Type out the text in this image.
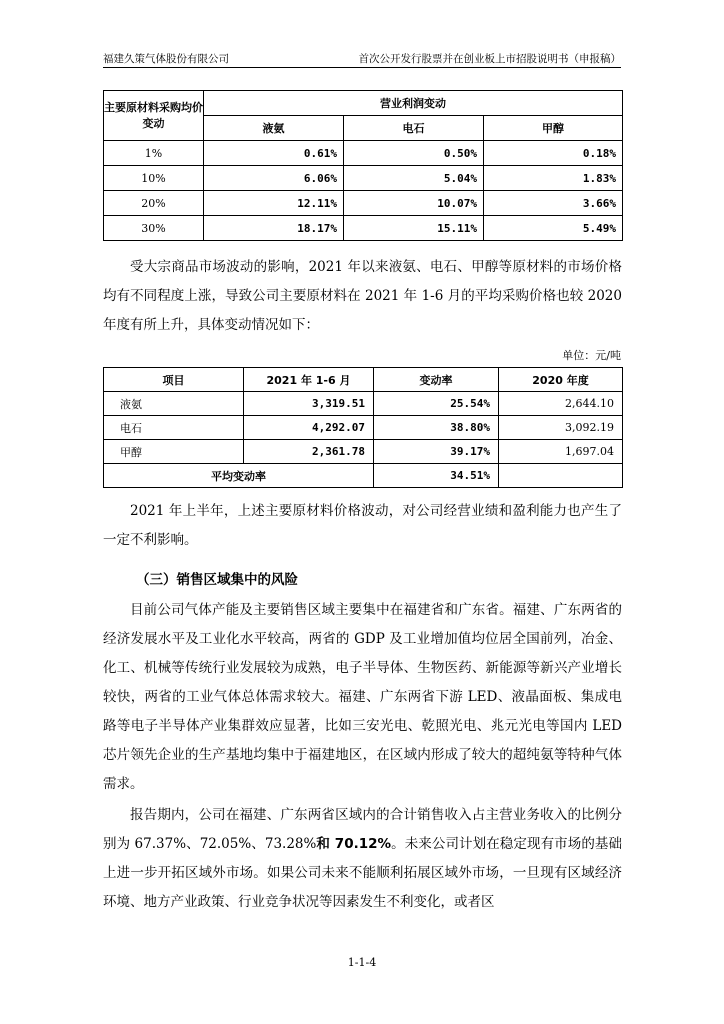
福建久策气体股份有限公司	首次公开发行股票并在创业板上市招股说明书（申报稿）
主要原材料采购均价变动	营业利润变动		
	液氨	电石	甲醇
1%	0.61%	0.50%	0.18%
10%	6.06%	5.04%	1.83%
20%	12.11%	10.07%	3.66%
30%	18.17%	15.11%	5.49%

受大宗商品市场波动的影响，2021 年以来液氨、电石、甲醇等原材料的市场价格均有不同程度上涨，导致公司主要原材料在 2021 年 1-6 月的平均采购价格也较 2020 年度有所上升，具体变动情况如下：

单位：元/吨
项目	2021 年 1-6 月	变动率	2020 年度
液氨	3,319.51	25.54%	2,644.10
电石	4,292.07	38.80%	3,092.19
甲醇	2,361.78	39.17%	1,697.04
平均变动率		34.51%	

2021 年上半年，上述主要原材料价格波动，对公司经营业绩和盈利能力也产生了一定不利影响。

（三）销售区域集中的风险

目前公司气体产能及主要销售区域主要集中在福建省和广东省。福建、广东两省的经济发展水平及工业化水平较高，两省的 GDP 及工业增加值均位居全国前列，冶金、化工、机械等传统行业发展较为成熟，电子半导体、生物医药、新能源等新兴产业增长较快，两省的工业气体总体需求较大。福建、广东两省下游 LED、液晶面板、集成电路等电子半导体产业集群效应显著，比如三安光电、乾照光电、兆元光电等国内 LED 芯片领先企业的生产基地均集中于福建地区，在区域内形成了较大的超纯氨等特种气体需求。

报告期内，公司在福建、广东两省区域内的合计销售收入占主营业务收入的比例分别为 67.37%、72.05%、73.28%和 70.12%。未来公司计划在稳定现有市场的基础上进一步开拓区域外市场。如果公司未来不能顺利拓展区域外市场，一旦现有区域经济环境、地方产业政策、行业竞争状况等因素发生不利变化，或者区

1-1-4
